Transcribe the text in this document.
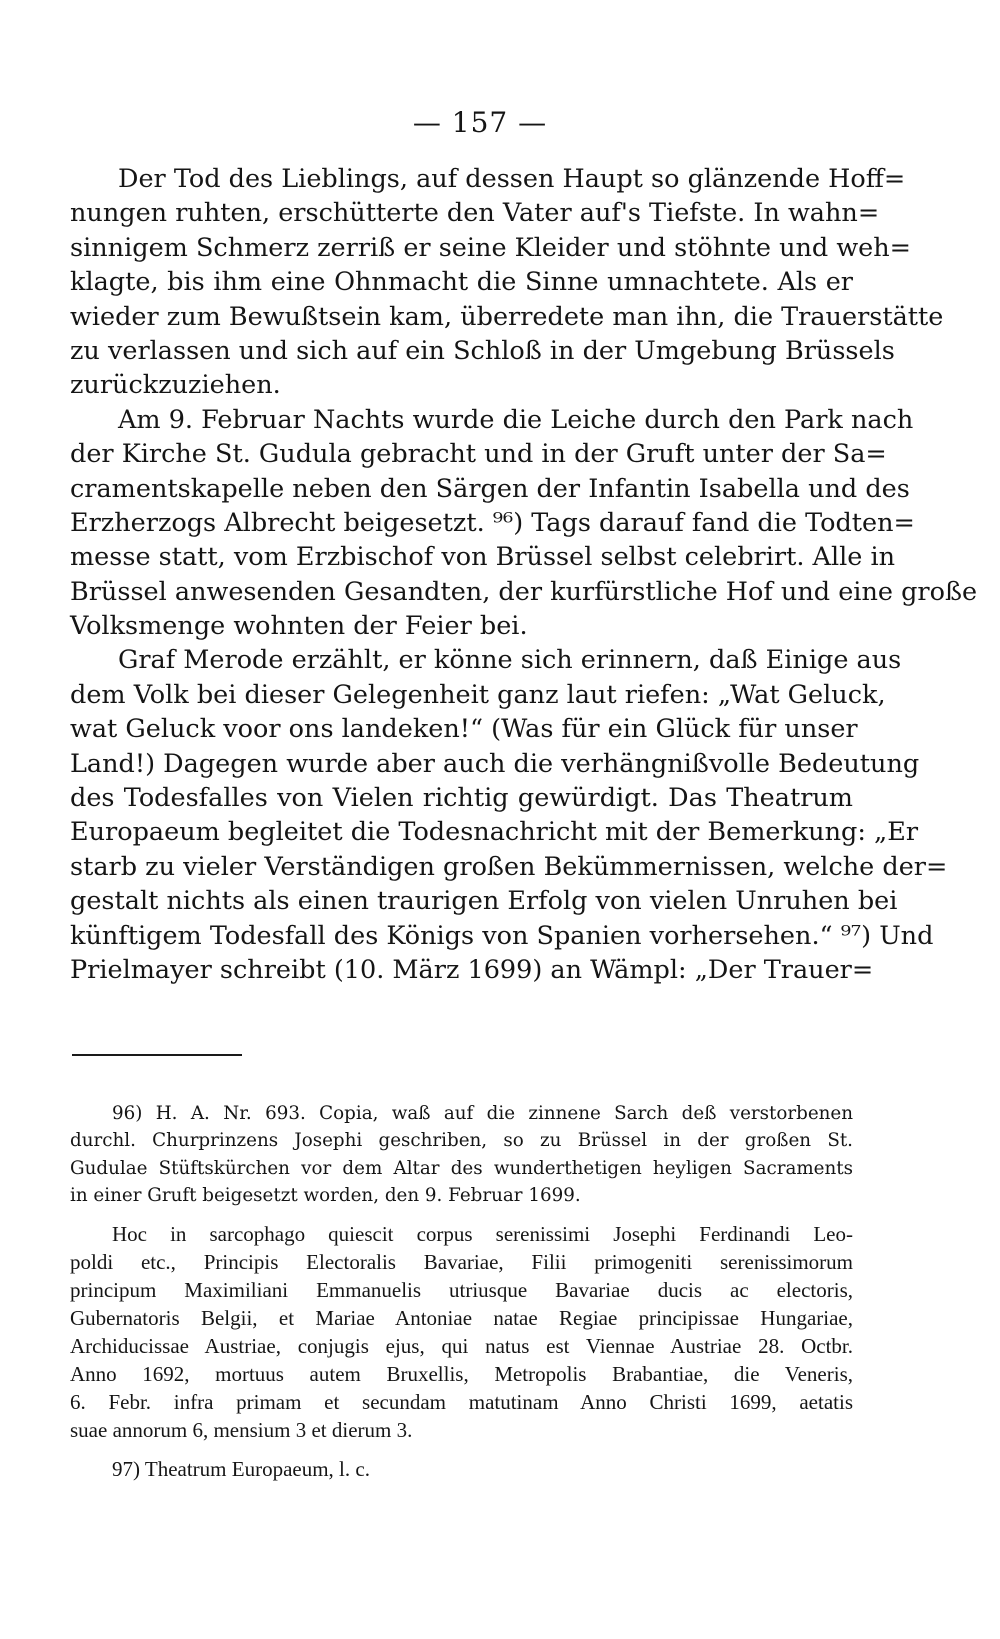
— 157 —
Der Tod des Lieblings, auf dessen Haupt so glänzende Hoff=
nungen ruhten, erschütterte den Vater auf's Tiefste. In wahn=
sinnigem Schmerz zerriß er seine Kleider und stöhnte und weh=
klagte, bis ihm eine Ohnmacht die Sinne umnachtete. Als er
wieder zum Bewußtsein kam, überredete man ihn, die Trauerstätte
zu verlassen und sich auf ein Schloß in der Umgebung Brüssels
zurückzuziehen.
Am 9. Februar Nachts wurde die Leiche durch den Park nach
der Kirche St. Gudula gebracht und in der Gruft unter der Sa=
cramentskapelle neben den Särgen der Infantin Isabella und des
Erzherzogs Albrecht beigesetzt. ⁹⁶) Tags darauf fand die Todten=
messe statt, vom Erzbischof von Brüssel selbst celebrirt. Alle in
Brüssel anwesenden Gesandten, der kurfürstliche Hof und eine große
Volksmenge wohnten der Feier bei.
Graf Merode erzählt, er könne sich erinnern, daß Einige aus
dem Volk bei dieser Gelegenheit ganz laut riefen: „Wat Geluck,
wat Geluck voor ons landeken!“ (Was für ein Glück für unser
Land!) Dagegen wurde aber auch die verhängnißvolle Bedeutung
des Todesfalles von Vielen richtig gewürdigt. Das Theatrum
Europaeum begleitet die Todesnachricht mit der Bemerkung: „Er
starb zu vieler Verständigen großen Bekümmernissen, welche der=
gestalt nichts als einen traurigen Erfolg von vielen Unruhen bei
künftigem Todesfall des Königs von Spanien vorhersehen.“ ⁹⁷) Und
Prielmayer schreibt (10. März 1699) an Wämpl: „Der Trauer=
96) H. A. Nr. 693. Copia, waß auf die zinnene Sarch deß verstorbenen
durchl. Churprinzens Josephi geschriben, so zu Brüssel in der großen St.
Gudulae Stüftskürchen vor dem Altar des wunderthetigen heyligen Sacraments
in einer Gruft beigesetzt worden, den 9. Februar 1699.
Hoc in sarcophago quiescit corpus serenissimi Josephi Ferdinandi Leo-
poldi etc., Principis Electoralis Bavariae, Filii primogeniti serenissimorum
principum Maximiliani Emmanuelis utriusque Bavariae ducis ac electoris,
Gubernatoris Belgii, et Mariae Antoniae natae Regiae principissae Hungariae,
Archiducissae Austriae, conjugis ejus, qui natus est Viennae Austriae 28. Octbr.
Anno 1692, mortuus autem Bruxellis, Metropolis Brabantiae, die Veneris,
6. Febr. infra primam et secundam matutinam Anno Christi 1699, aetatis
suae annorum 6, mensium 3 et dierum 3.
97) Theatrum Europaeum, l. c.
